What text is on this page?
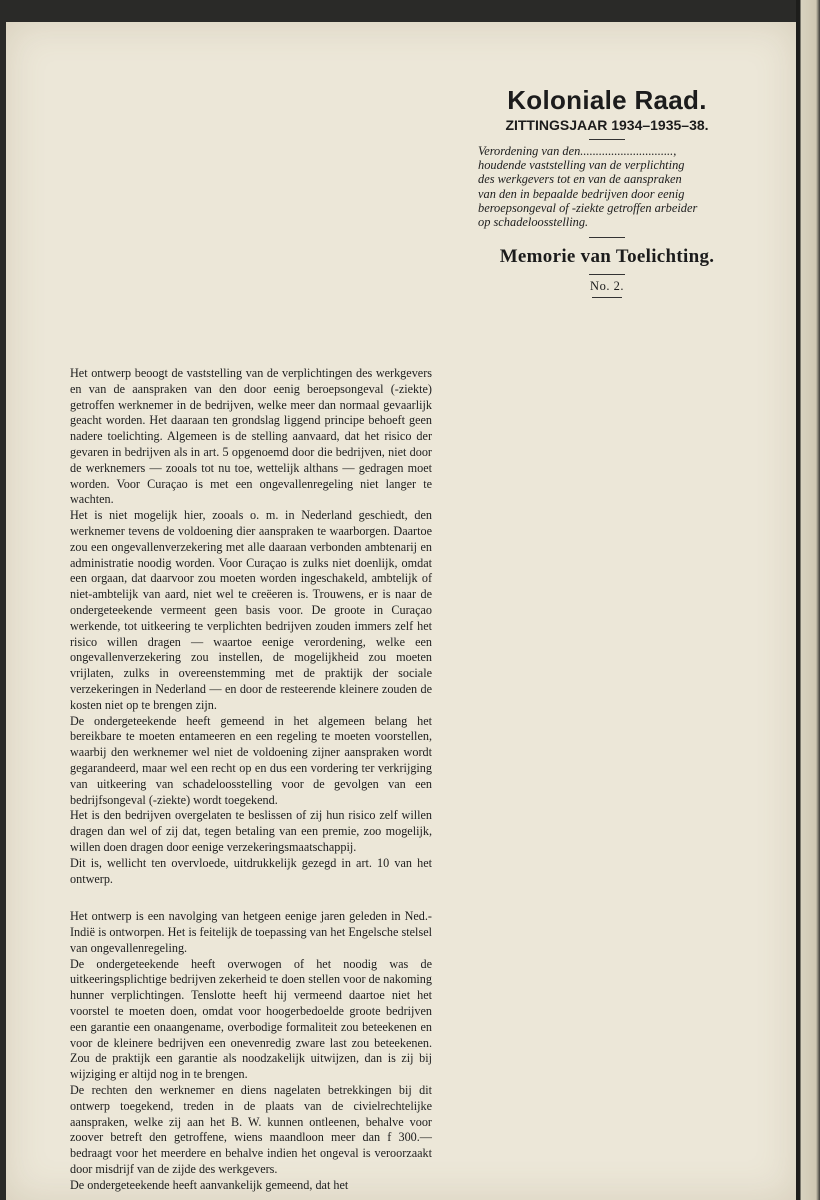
Koloniale Raad.
ZITTINGSJAAR 1934–1935–38.
Verordening van den..............................,
houdende vaststelling van de verplichting
des werkgevers tot en van de aanspraken
van den in bepaalde bedrijven door eenig
beroepsongeval of -ziekte getroffen arbeider
op schadeloosstelling.
Memorie van Toelichting.
No. 2.

Het ontwerp beoogt de vaststelling van de verplichtingen des werkgevers en van de aanspraken van den door eenig beroepsongeval (-ziekte) getroffen werknemer in de bedrijven, welke meer dan normaal gevaarlijk geacht worden. Het daaraan ten grondslag liggend principe behoeft geen nadere toelichting. Algemeen is de stelling aanvaard, dat het risico der gevaren in bedrijven als in art. 5 opgenoemd door die bedrijven, niet door de werknemers — zooals tot nu toe, wettelijk althans — gedragen moet worden. Voor Curaçao is met een ongevallenregeling niet langer te wachten.

Het is niet mogelijk hier, zooals o. m. in Nederland geschiedt, den werknemer tevens de voldoening dier aanspraken te waarborgen. Daartoe zou een ongevallenverzekering met alle daaraan verbonden ambtenarij en administratie noodig worden. Voor Curaçao is zulks niet doenlijk, omdat een orgaan, dat daarvoor zou moeten worden ingeschakeld, ambtelijk of niet-ambtelijk van aard, niet wel te creëeren is. Trouwens, er is naar de ondergeteekende vermeent geen basis voor. De groote in Curaçao werkende, tot uitkeering te verplichten bedrijven zouden immers zelf het risico willen dragen — waartoe eenige verordening, welke een ongevallenverzekering zou instellen, de mogelijkheid zou moeten vrijlaten, zulks in overeenstemming met de praktijk der sociale verzekeringen in Nederland — en door de resteerende kleinere zouden de kosten niet op te brengen zijn.

De ondergeteekende heeft gemeend in het algemeen belang het bereikbare te moeten entameeren en een regeling te moeten voorstellen, waarbij den werknemer wel niet de voldoening zijner aanspraken wordt gegarandeerd, maar wel een recht op en dus een vordering ter verkrijging van uitkeering van schadeloosstelling voor de gevolgen van een bedrijfsongeval (-ziekte) wordt toegekend.

Het is den bedrijven overgelaten te beslissen of zij hun risico zelf willen dragen dan wel of zij dat, tegen betaling van een premie, zoo mogelijk, willen doen dragen door eenige verzekeringsmaatschappij.

Dit is, wellicht ten overvloede, uitdrukkelijk gezegd in art. 10 van het ontwerp.

Het ontwerp is een navolging van hetgeen eenige jaren geleden in Ned.-Indië is ontworpen. Het is feitelijk de toepassing van het Engelsche stelsel van ongevallenregeling.

De ondergeteekende heeft overwogen of het noodig was de uitkeeringsplichtige bedrijven zekerheid te doen stellen voor de nakoming hunner verplichtingen. Tenslotte heeft hij vermeend daartoe niet het voorstel te moeten doen, omdat voor hoogerbedoelde groote bedrijven een garantie een onaangename, overbodige formaliteit zou beteekenen en voor de kleinere bedrijven een onevenredig zware last zou beteekenen. Zou de praktijk een garantie als noodzakelijk uitwijzen, dan is zij bij wijziging er altijd nog in te brengen.

De rechten den werknemer en diens nagelaten betrekkingen bij dit ontwerp toegekend, treden in de plaats van de civielrechtelijke aanspraken, welke zij aan het B. W. kunnen ontleenen, behalve voor zoover betreft den getroffene, wiens maandloon meer dan f 300.— bedraagt voor het meerdere en behalve indien het ongeval is veroorzaakt door misdrijf van de zijde des werkgevers.

De ondergeteekende heeft aanvankelijk gemeend, dat het
